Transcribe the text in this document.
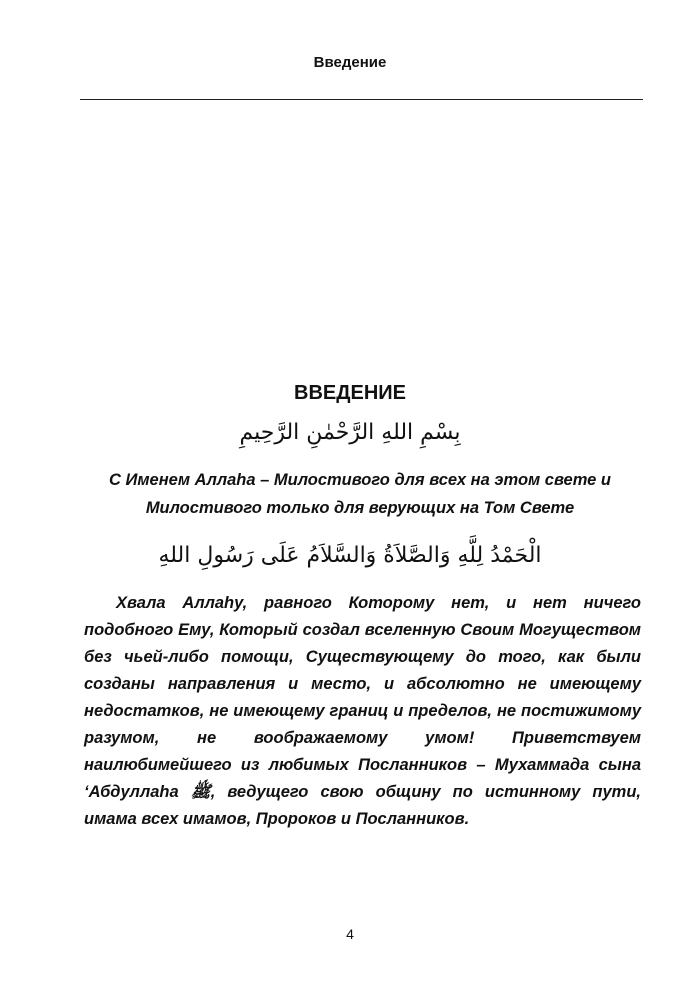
Введение
ВВЕДЕНИЕ
بِسْمِ اللهِ الرَّحْمٰنِ الرَّحِيمِ
С Именем Аллаhа – Милостивого для всех на этом свете и Милостивого только для верующих на Том Свете
الْحَمْدُ لِلَّهِ وَالصَّلاَةُ وَالسَّلاَمُ عَلَى رَسُولِ اللهِ

Хвала Аллаhу, равного Которому нет, и нет ничего подобного Ему, Который создал вселенную Своим Могуществом без чьей-либо помощи, Существующему до того, как были созданы направления и место, и абсолютно не имеющему недостатков, не имеющему границ и пределов, не постижимому разумом, не воображаемому умом! Приветствуем наилюбимейшего из любимых Посланников – Мухаммада сына ‘Абдуллаhа ﷺ, ведущего свою общину по истинному пути, имама всех имамов, Пророков и Посланников.

4
